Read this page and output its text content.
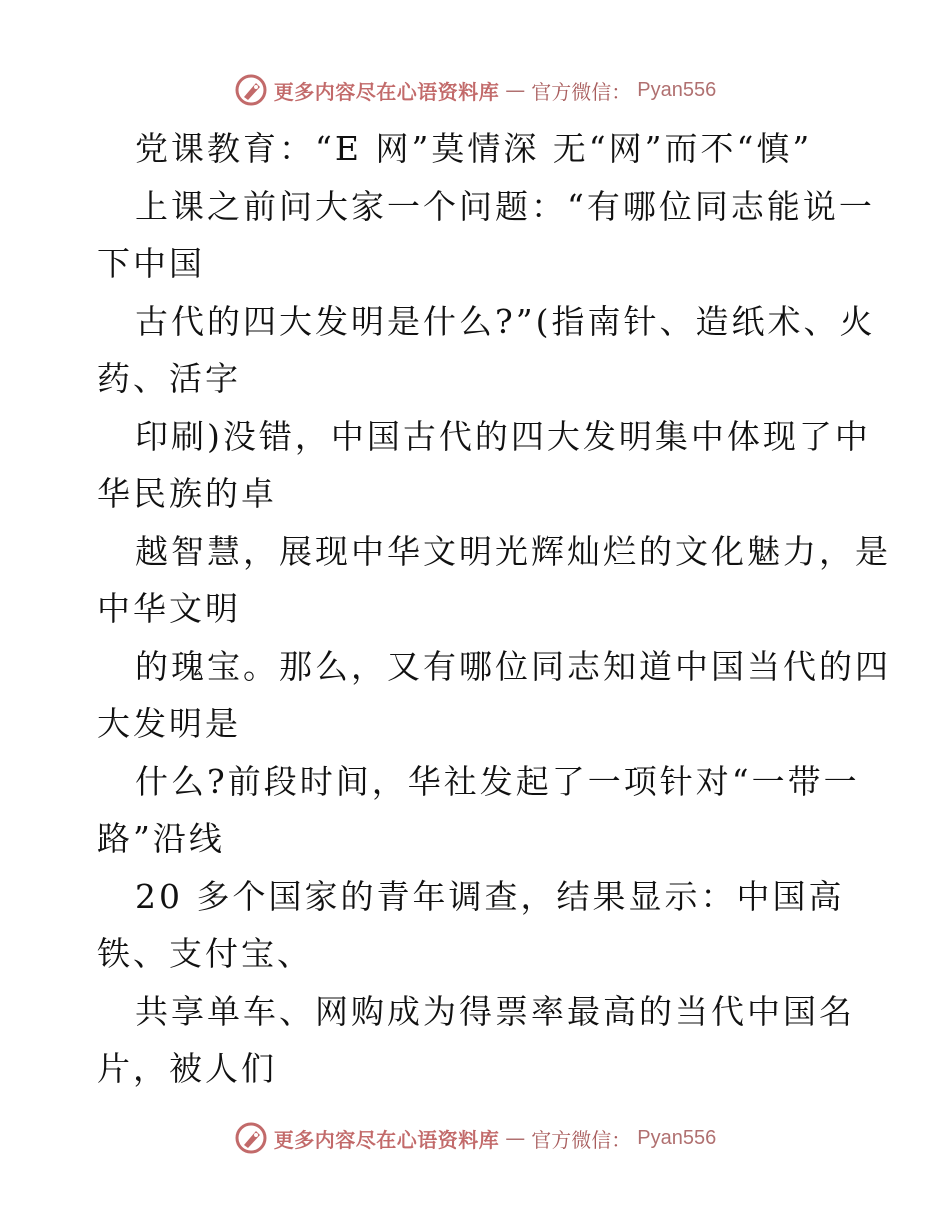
更多内容尽在心语资料库 — 官方微信： Pyan556
党课教育：“E 网”莫情深 无“网”而不“慎”
上课之前问大家一个问题：“有哪位同志能说一
下中国
古代的四大发明是什么?”(指南针、造纸术、火
药、活字
印刷)没错，中国古代的四大发明集中体现了中
华民族的卓
越智慧，展现中华文明光辉灿烂的文化魅力，是
中华文明
的瑰宝。那么，又有哪位同志知道中国当代的四
大发明是
什么?前段时间，华社发起了一项针对“一带一
路”沿线
20 多个国家的青年调查，结果显示：中国高
铁、支付宝、
共享单车、网购成为得票率最高的当代中国名
片，被人们
更多内容尽在心语资料库 — 官方微信： Pyan556
